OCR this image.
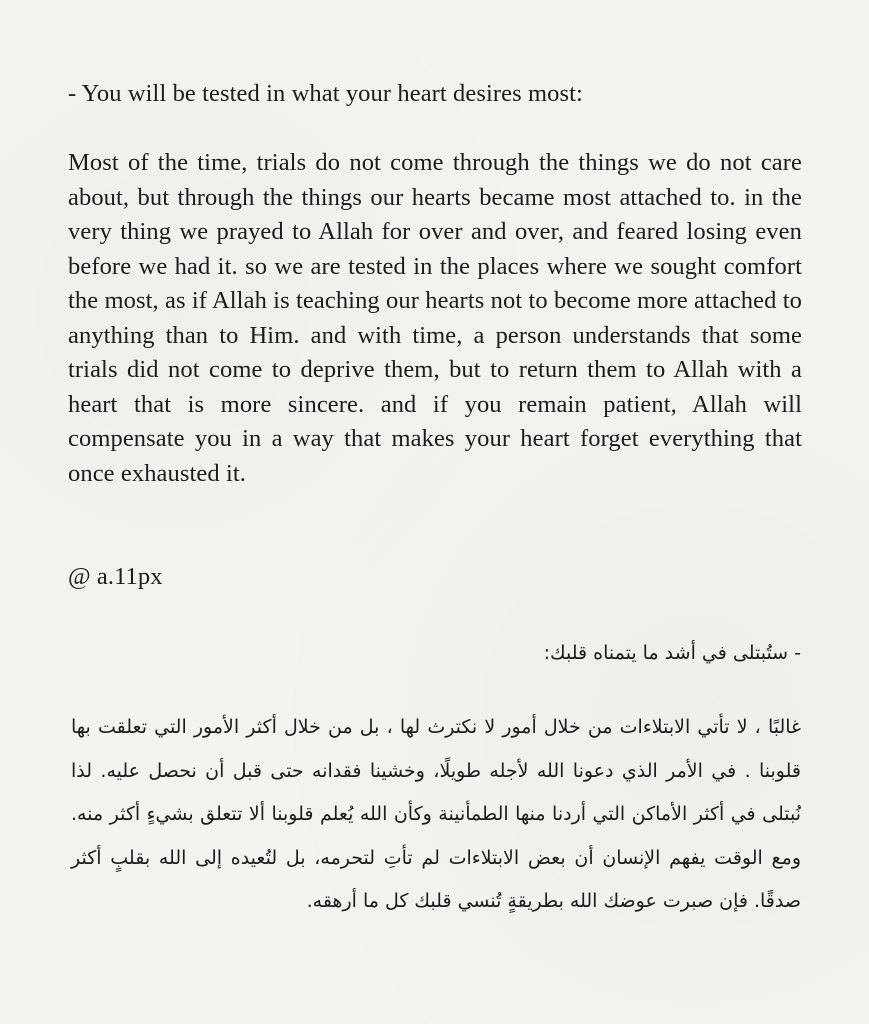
- You will be tested in what your heart desires most:
Most of the time, trials do not come through the things we do not care about, but through the things our hearts became most attached to. in the very thing we prayed to Allah for over and over, and feared losing even before we had it. so we are tested in the places where we sought comfort the most, as if Allah is teaching our hearts not to become more attached to anything than to Him. and with time, a person understands that some trials did not come to deprive them, but to return them to Allah with a heart that is more sincere. and if you remain patient, Allah will compensate you in a way that makes your heart forget everything that once exhausted it.
@ a.11px
- ستُبتلى في أشد ما يتمناه قلبك:
غالبًا ، لا تأتي الابتلاءات من خلال أمور لا نكترث لها ، بل من خلال أكثر الأمور التي تعلقت بها قلوبنا . في الأمر الذي دعونا الله لأجله طويلًا، وخشينا فقدانه حتى قبل أن نحصل عليه. لذا نُبتلى في أكثر الأماكن التي أردنا منها الطمأنينة وكأن الله يُعلم قلوبنا ألا تتعلق بشيءٍ أكثر منه. ومع الوقت يفهم الإنسان أن بعض الابتلاءات لم تأتِ لتحرمه، بل لتُعيده إلى الله بقلبٍ أكثر صدقًا. فإن صبرت عوضك الله بطريقةٍ تُنسي قلبك كل ما أرهقه.
